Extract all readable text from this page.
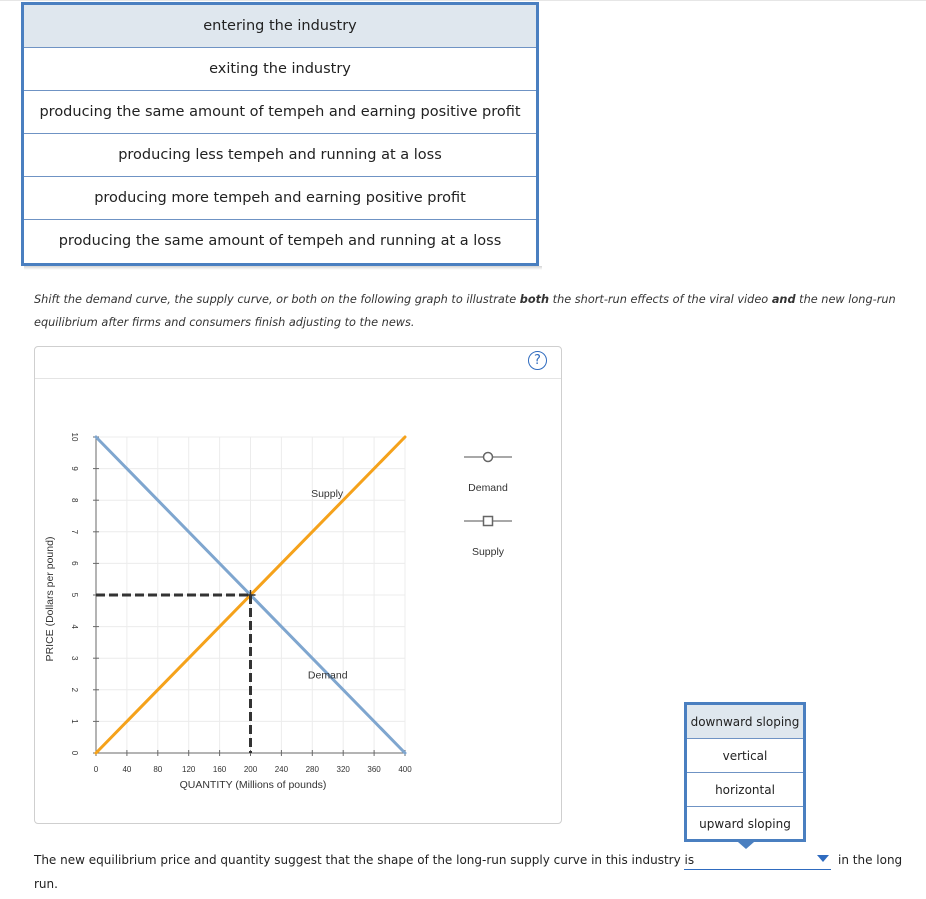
entering the industry
exiting the industry
producing the same amount of tempeh and earning positive profit
producing less tempeh and running at a loss
producing more tempeh and earning positive profit
producing the same amount of tempeh and running at a loss
Shift the demand curve, the supply curve, or both on the following graph to illustrate both the short-run effects of the viral video and the new long-run equilibrium after firms and consumers finish adjusting to the news.
?
0	40	80 120 160 200 240 280 320 360 400
0
1
2
3
4
5
6
7
8
9
10
Supply
Demand
Demand
Supply
QUANTITY (Millions of pounds)
PRICE (Dollars per pound)
downward sloping
vertical
horizontal
upward sloping
The new equilibrium price and quantity suggest that the shape of the long-run supply curve in this industry is	in the long
run.
